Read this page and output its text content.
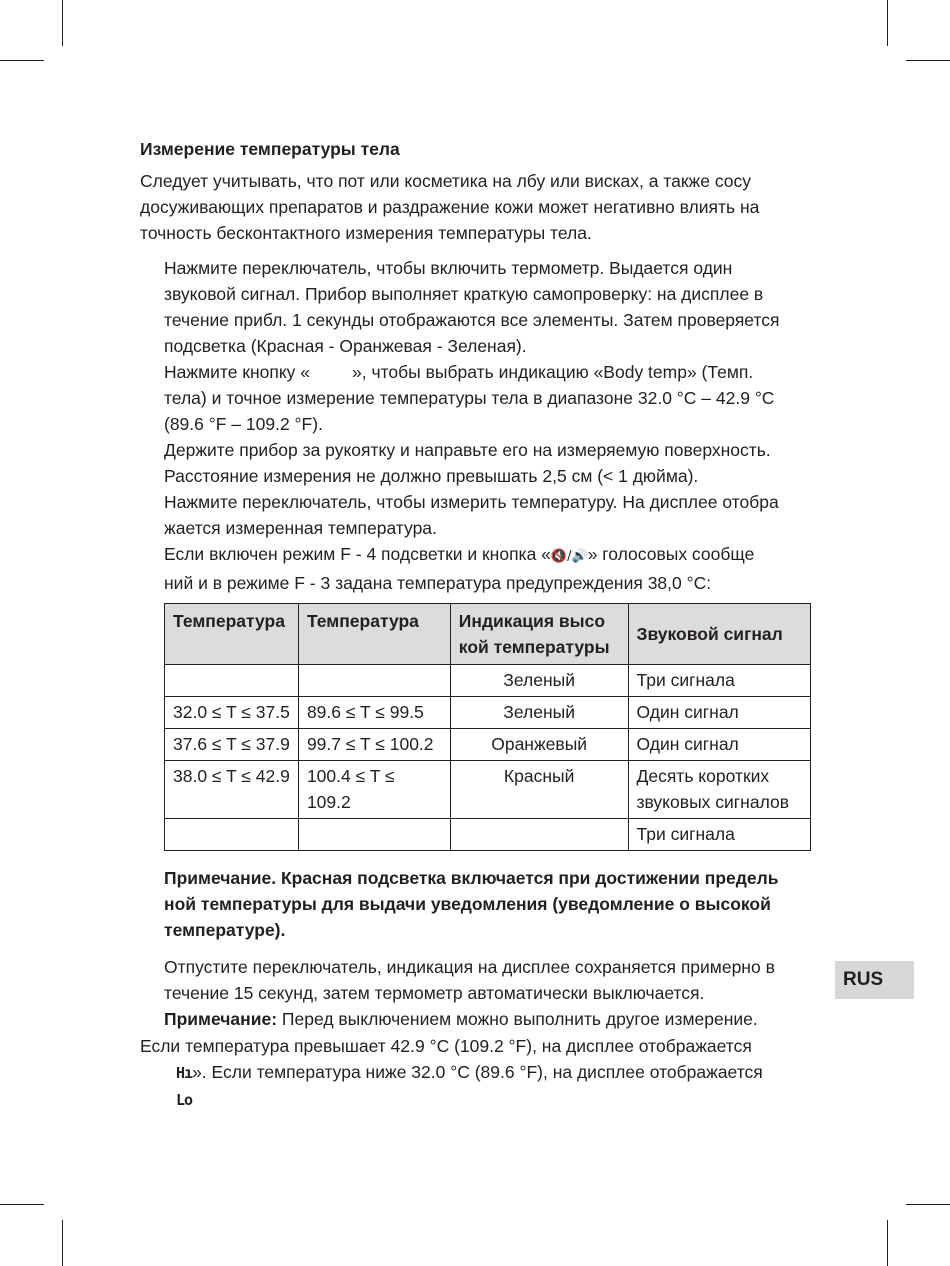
Измерение температуры тела
Следует учитывать, что пот или косметика на лбу или висках, а также сосу
досуживающих препаратов и раздражение кожи может негативно влиять на
точность бесконтактного измерения температуры тела.
Нажмите переключатель, чтобы включить термометр. Выдается один
звуковой сигнал. Прибор выполняет краткую самопроверку: на дисплее в
течение прибл. 1 секунды отображаются все элементы. Затем проверяется
подсветка (Красная - Оранжевая - Зеленая).
Нажмите кнопку « », чтобы выбрать индикацию «Body temp» (Темп.
тела) и точное измерение температуры тела в диапазоне 32.0 °C – 42.9 °C
(89.6 °F – 109.2 °F).
Держите прибор за рукоятку и направьте его на измеряемую поверхность.
Расстояние измерения не должно превышать 2,5 см (< 1 дюйма).
Нажмите переключатель, чтобы измерить температуру. На дисплее отобра
жается измеренная температура.
Если включен режим F - 4 подсветки и кнопка «🔇/🔊» голосовых сообще
ний и в режиме F - 3 задана температура предупреждения 38,0 °C:
Температура	Температура	Индикация высо кой температуры	Звуковой сигнал
		Зеленый	Три сигнала
32.0 ≤ T ≤ 37.5	89.6 ≤ T ≤ 99.5	Зеленый	Один сигнал
37.6 ≤ T ≤ 37.9	99.7 ≤ T ≤ 100.2	Оранжевый	Один сигнал
38.0 ≤ T ≤ 42.9	100.4 ≤ T ≤ 109.2	Красный	Десять коротких звуковых сигналов
			Три сигнала
Примечание. Красная подсветка включается при достижении предель
ной температуры для выдачи уведомления (уведомление о высокой
температуре).
Отпустите переключатель, индикация на дисплее сохраняется примерно в
течение 15 секунд, затем термометр автоматически выключается.
Примечание: Перед выключением можно выполнить другое измерение.
Если температура превышает 42.9 °C (109.2 °F), на дисплее отображается
Hı». Если температура ниже 32.0 °C (89.6 °F), на дисплее отображается
Lo
RUS
